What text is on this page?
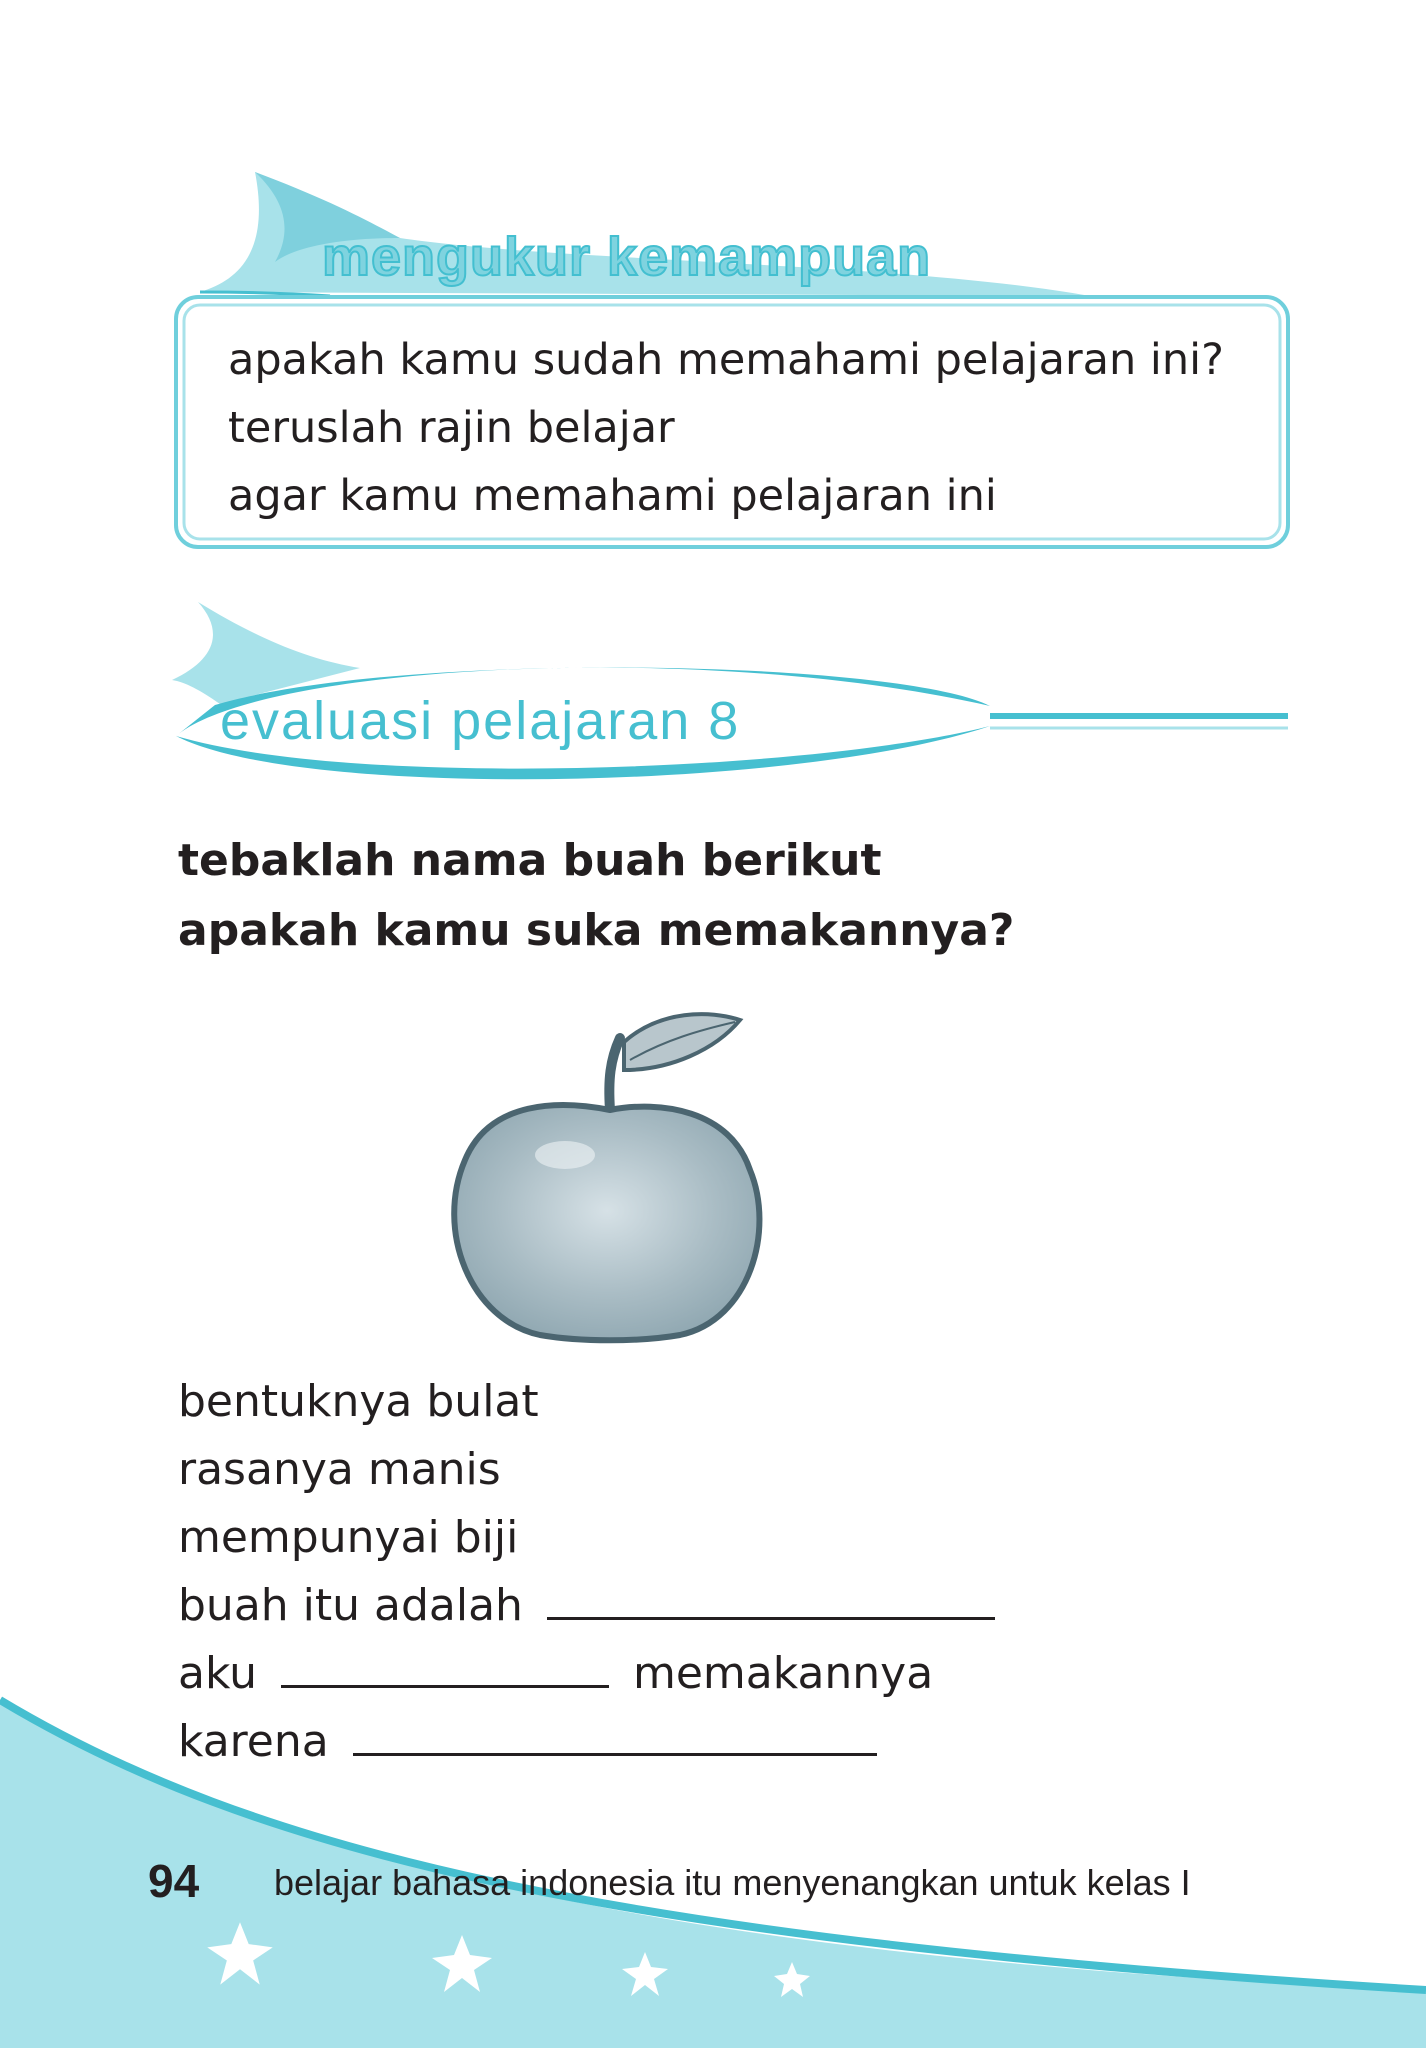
mengukur kemampuan
apakah kamu sudah memahami pelajaran ini?
teruslah rajin belajar
agar kamu memahami pelajaran ini
evaluasi pelajaran 8
tebaklah nama buah berikut
apakah kamu suka memakannya?
bentuknya bulat
rasanya manis
mempunyai biji
buah itu adalah
aku	memakannya
karena
94 belajar bahasa indonesia itu menyenangkan untuk kelas I
